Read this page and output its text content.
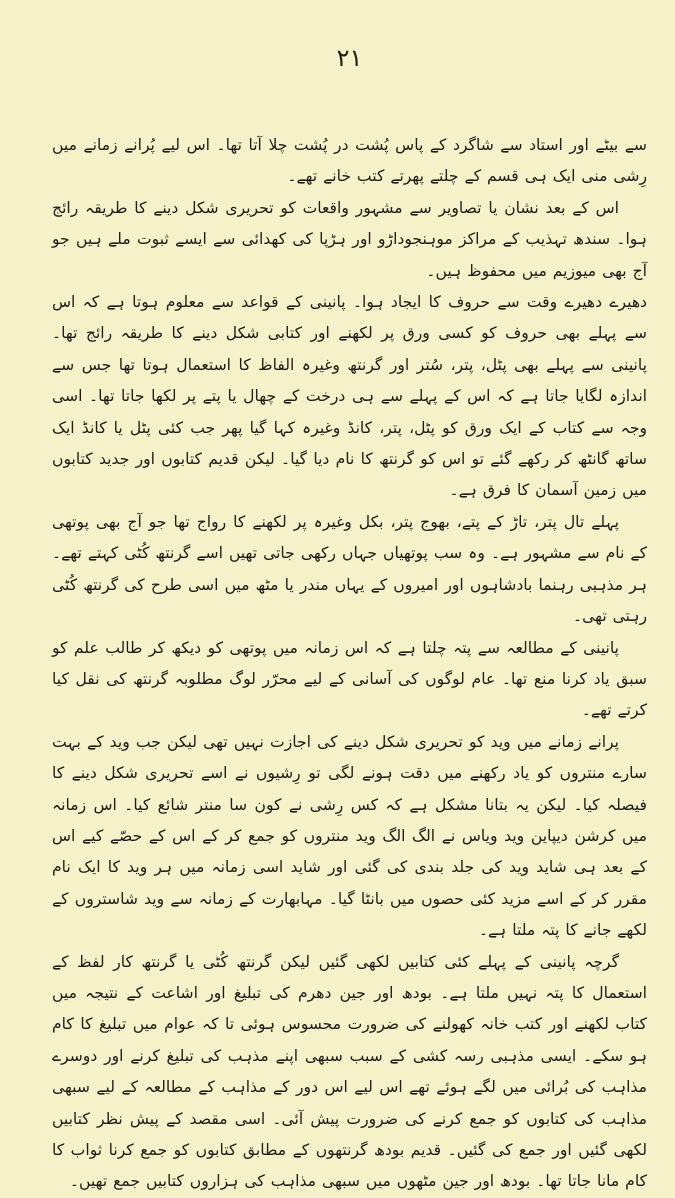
۲۱

سے بیٹے اور استاد سے شاگرد کے پاس پُشت در پُشت چلا آتا تھا۔ اس لیے پُرانے زمانے میں رِشی منی ایک ہی قسم کے چلتے پھرتے کتب خانے تھے۔

اس کے بعد نشان یا تصاویر سے مشہور واقعات کو تحریری شکل دینے کا طریقہ رائج ہوا۔ سندھ تہذیب کے مراکز موہنجوداڑو اور ہڑپا کی کھدائی سے ایسے ثبوت ملے ہیں جو آج بھی میوزیم میں محفوظ ہیں۔

دھیرے دھیرے وقت سے حروف کا ایجاد ہوا۔ پانینی کے قواعد سے معلوم ہوتا ہے کہ اس سے پہلے بھی حروف کو کسی ورق پر لکھنے اور کتابی شکل دینے کا طریقہ رائج تھا۔ پانینی سے پہلے بھی پٹل، پتر، سُتر اور گرنتھ وغیرہ الفاظ کا استعمال ہوتا تھا جس سے اندازہ لگایا جاتا ہے کہ اس کے پہلے سے ہی درخت کے چھال یا پتے پر لکھا جاتا تھا۔ اسی وجہ سے کتاب کے ایک ورق کو پٹل، پتر، کانڈ وغیرہ کہا گیا پھر جب کئی پٹل یا کانڈ ایک ساتھ گانٹھ کر رکھے گئے تو اس کو گرنتھ کا نام دیا گیا۔ لیکن قدیم کتابوں اور جدید کتابوں میں زمین آسمان کا فرق ہے۔

پہلے تال پتر، تاڑ کے پتے، بھوج پتر، بکل وغیرہ پر لکھنے کا رواج تھا جو آج بھی پوتھی کے نام سے مشہور ہے۔ وہ سب پوتھیاں جہاں رکھی جاتی تھیں اسے گرنتھ کُٹی کہتے تھے۔ ہر مذہبی رہنما بادشاہوں اور امیروں کے یہاں مندر یا مٹھ میں اسی طرح کی گرنتھ کُٹی رہتی تھی۔

پانینی کے مطالعہ سے پتہ چلتا ہے کہ اس زمانہ میں پوتھی کو دیکھ کر طالب علم کو سبق یاد کرنا منع تھا۔ عام لوگوں کی آسانی کے لیے محرّر لوگ مطلوبہ گرنتھ کی نقل کیا کرتے تھے۔

پرانے زمانے میں وید کو تحریری شکل دینے کی اجازت نہیں تھی لیکن جب وید کے بہت سارے منتروں کو یاد رکھنے میں دقت ہونے لگی تو رِشیوں نے اسے تحریری شکل دینے کا فیصلہ کیا۔ لیکن یہ بتانا مشکل ہے کہ کس رِشی نے کون سا منتر شائع کیا۔ اس زمانہ میں کرشن دیپاین وید ویاس نے الگ الگ وید منتروں کو جمع کر کے اس کے حصّے کیے اس کے بعد ہی شاید وید کی جلد بندی کی گئی اور شاید اسی زمانہ میں ہر وید کا ایک نام مقرر کر کے اسے مزید کئی حصوں میں بانٹا گیا۔ مہابھارت کے زمانہ سے وید شاستروں کے لکھے جانے کا پتہ ملتا ہے۔

گرچہ پانینی کے پہلے کئی کتابیں لکھی گئیں لیکن گرنتھ کُٹی یا گرنتھ کار لفظ کے استعمال کا پتہ نہیں ملتا ہے۔ بودھ اور جین دھرم کی تبلیغ اور اشاعت کے نتیجہ میں کتاب لکھنے اور کتب خانہ کھولنے کی ضرورت محسوس ہوئی تا کہ عوام میں تبلیغ کا کام ہو سکے۔ ایسی مذہبی رسہ کشی کے سبب سبھی اپنے مذہب کی تبلیغ کرنے اور دوسرے مذاہب کی بُرائی میں لگے ہوئے تھے اس لیے اس دور کے مذاہب کے مطالعہ کے لیے سبھی مذاہب کی کتابوں کو جمع کرنے کی ضرورت پیش آئی۔ اسی مقصد کے پیش نظر کتابیں لکھی گئیں اور جمع کی گئیں۔ قدیم بودھ گرنتھوں کے مطابق کتابوں کو جمع کرنا ثواب کا کام مانا جاتا تھا۔ بودھ اور جین مٹھوں میں سبھی مذاہب کی ہزاروں کتابیں جمع تھیں۔
